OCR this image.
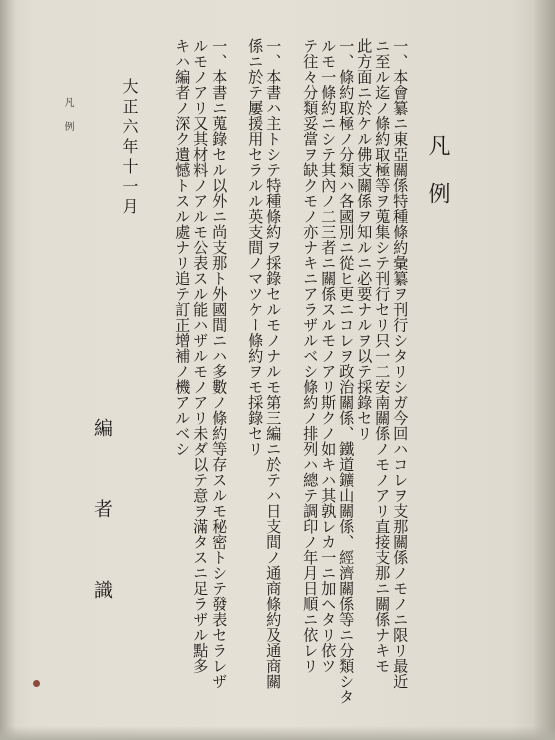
凡例
一、本會纂ニ東亞關係特種條約彙纂ヲ刊行シタリシガ今回ハコレヲ支那關係ノモノニ限リ最近
ニ至ル迄ノ條約取極等ヲ蒐集シテ刊行セリ只一二安南關係ノモノアリ直接支那ニ關係ナキモ
此方面ニ於ケル佛支關係ヲ知ルニ必要ナルヲ以テ採錄セリ
一、條約取極ノ分類ハ各國別ニ從ヒ更ニコレヲ政治關係、鐵道鑛山關係、經濟關係等ニ分類シタ
ルモ一條約ニシテ其內ノ二三者ニ關係スルモノアリ斯クノ如キハ其孰レカ一ニ加ヘタリ依ツ
テ往々分類妥當ヲ缺クモノ亦ナキニアラザルベシ條約ノ排列ハ總テ調印ノ年月日順ニ依レリ
一、本書ハ主トシテ特種條約ヲ採錄セルモノナルモ第三編ニ於テハ日支間ノ通商條約及通商關
係ニ於テ屢援用セラルル英支間ノマツケー條約ヲモ採錄セリ
一、本書ニ蒐錄セル以外ニ尚支那ト外國間ニハ多數ノ條約等存スルモ秘密トシテ發表セラレザ
ルモノアリ又其材料ノアルモ公表スル能ハザルモノアリ未ダ以テ意ヲ滿タスニ足ラザル點多
キハ編者ノ深ク遺憾トスル處ナリ追テ訂正增補ノ機アルベシ
大正六年十一月
編者識
凡例
